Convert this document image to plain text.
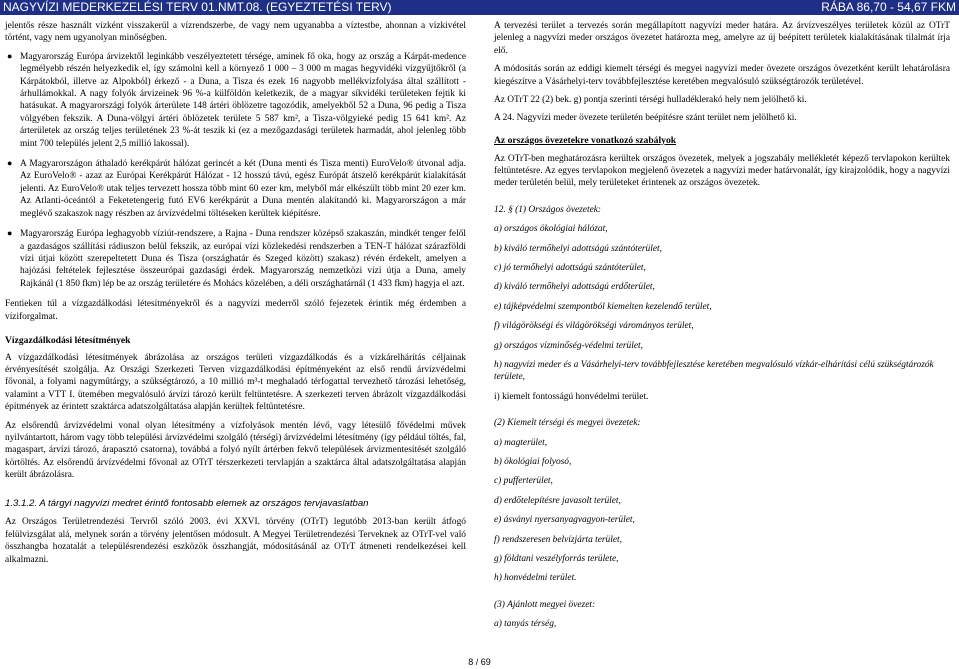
NAGYVÍZI MEDERKEZELÉSI TERV 01.NMT.08. (EGYEZTETÉSI TERV)	RÁBA 86,70 - 54,67 FKM

jelentős része használt vízként visszakerül a vízrendszerbe, de vagy nem ugyanabba a víztestbe, ahonnan a vízkivétel történt, vagy nem ugyanolyan minőségben.

● Magyarország Európa árvizektől leginkább veszélyeztetett térsége, aminek fő oka, hogy az ország a Kárpát-medence legmélyebb részén helyezkedik el, így számolni kell a környező 1 000 – 3 000 m magas hegyvidéki vízgyűjtőkről (a Kárpátokból, illetve az Alpokból) érkező - a Duna, a Tisza és ezek 16 nagyobb mellékvízfolyása által szállított - árhullámokkal. A nagy folyók árvizeinek 96 %-a külföldön keletkezik, de a magyar síkvidéki területeken fejtik ki hatásukat. A magyarországi folyók árterülete 148 ártéri öblözetre tagozódik, amelyekből 52 a Duna, 96 pedig a Tisza völgyében fekszik. A Duna-völgyi ártéri öblözetek területe 5 587 km², a Tisza-völgyieké pedig 15 641 km². Az árterületek az ország teljes területének 23 %-át teszik ki (ez a mezőgazdasági területek harmadát, ahol jelenleg több mint 700 település jelent 2,5 millió lakossal).
● A Magyarországon áthaladó kerékpárút hálózat gerincét a két (Duna menti és Tisza menti) EuroVelo® útvonal adja. Az EuroVelo® - azaz az Európai Kerékpárút Hálózat - 12 hosszú távú, egész Európát átszelő kerékpárút kialakítását jelenti. Az EuroVelo® utak teljes tervezett hossza több mint 60 ezer km, melyből már elkészült több mint 20 ezer km. Az Atlanti-óceántól a Feketetengerig futó EV6 kerékpárút a Duna mentén alakítandó ki. Magyarországon a már meglévő szakaszok nagy részben az árvízvédelmi töltéseken kerültek kiépítésre.
● Magyarország Európa leghagyobb víziút-rendszere, a Rajna - Duna rendszer középső szakaszán, mindkét tenger felől a gazdaságos szállítási rádiuszon belül fekszik, az európai vízi közlekedési rendszerben a TEN-T hálózat szárazföldi vízi útjai között szerepeltetett Duna és Tisza (országhatár és Szeged között) szakasz) révén érdekelt, amelyen a hajózási feltételek fejlesztése összeurópai gazdasági érdek. Magyarország nemzetközi vízi útja a Duna, amely Rajkánál (1 850 fkm) lép be az ország területére és Mohács közelében, a déli országhatárnál (1 433 fkm) hagyja el azt.

Fentieken túl a vízgazdálkodási létesítményekről és a nagyvízi mederről szóló fejezetek érintik még érdemben a víziforgalmat.

Vízgazdálkodási létesítmények

A vízgazdálkodási létesítmények ábrázolása az országos területi vízgazdálkodás és a vízkárelhárítás céljainak érvényesítését szolgálja. Az Országi Szerkezeti Terven vízgazdálkodási építményeként az első rendű árvízvédelmi fővonal, a folyami nagyműtárgy, a szükségtározó, a 10 millió m³-t meghaladó térfogattal tervezhető tározási lehetőség, valamint a VTT I. ütemében megvalósuló árvízi tározó került feltüntetésre. A szerkezeti terven ábrázolt vízgazdálkodási építmények az érintett szaktárca adatszolgáltatása alapján kerültek feltüntetésre.

Az elsőrendű árvízvédelmi vonal olyan létesítmény a vízfolyások mentén lévő, vagy létesülő fővédelmi művek nyilvántartott, három vagy több települési árvízvédelmi szolgáló (térségi) árvízvédelmi létesítmény (így például töltés, fal, magaspart, árvízi tározó, árapasztó csatorna), továbbá a folyó nyílt ártérben fekvő települések árvizmentesítését szolgáló körtöltés. Az elsőrendű árvízvédelmi fővonal az OTrT térszerkezeti tervlapján a szaktárca által adatszolgáltatása alapján került ábrázolásra.

1.3.1.2. A tárgyi nagyvízi medret érintő fontosabb elemek az országos tervjavaslatban

Az Országos Területrendezési Tervről szóló 2003. évi XXVI. törvény (OTrT) legutóbb 2013-ban került átfogó felülvizsgálat alá, melynek során a törvény jelentősen módosult. A Megyei Területrendezési Terveknek az OTrT-vel való összhangba hozatalát a településrendezési eszközök összhangját, módosításánál az OTrT átmeneti rendelkezései kell alkalmazni.

A tervezési terület a tervezés során megállapított nagyvízi meder határa. Az árvízveszélyes területek közül az OTrT jelenleg a nagyvízi meder országos övezetet határozta meg, amelyre az új beépített területek kialakításának tilalmát írja elő.

A módosítás során az eddigi kiemelt térségi és megyei nagyvízi meder övezete országos övezetként került lehatárolásra kiegészítve a Vásárhelyi-terv továbbfejlesztése keretében megvalósuló szükségtározók területével.

Az OTrT 22 (2) bek. g) pontja szerinti térségi hulladéklerakó hely nem jelölhető ki.

A 24. Nagyvízi meder övezete területén beépítésre szánt terület nem jelölhető ki.

Az országos övezetekre vonatkozó szabályok

Az OTrT-ben meghatározásra kerültek országos övezetek, melyek a jogszabály mellékletét képező tervlapokon kerültek feltüntetésre. Az egyes tervlapokon megjelenő övezetek a nagyvízi meder határvonalát, így kirajzolódik, hogy a nagyvízi meder területén belül, mely területeket érintenek az országos övezetek.

12. § (1) Országos övezetek:
a) országos ökológiai hálózat,
b) kiváló termőhelyi adottságú szántóterület,
c) jó termőhelyi adottságú szántóterület,
d) kiváló termőhelyi adottságú erdőterület,
e) tájképvédelmi szempontból kiemelten kezelendő terület,
f) világörökségi és világörökségi várományos terület,
g) országos vízminőség-védelmi terület,
h) nagyvízi meder és a Vásárhelyi-terv továbbfejlesztése keretében megvalósuló vízkár-elhárítási célú szükségtározók területe,
i) kiemelt fontosságú honvédelmi terület.
(2) Kiemelt térségi és megyei övezetek:
a) magterület,
b) ökológiai folyosó,
c) pufferterület,
d) erdőtelepítésre javasolt terület,
e) ásványi nyersanyagvagyon-terület,
f) rendszeresen belvízjárta terület,
g) földtani veszélyforrás területe,
h) honvédelmi terület.
(3) Ajánlott megyei övezet:
a) tanyás térség,
8 / 69
